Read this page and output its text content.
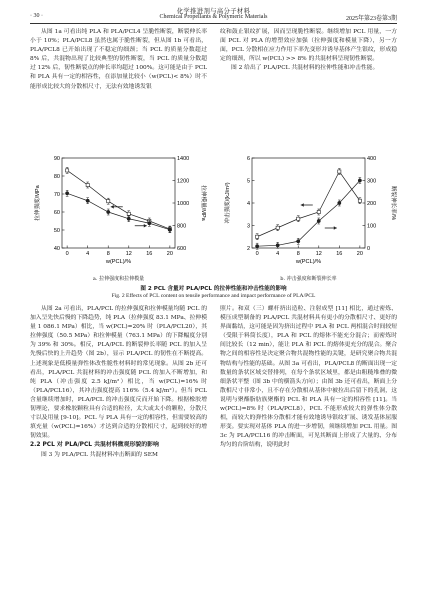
化学推进剂与高分子材料
· 30 ·	Chemical Propellants & Polymeric Materials	2025年第23卷第3期

从图 1a 可看出纯 PLA 和 PLA/PCL4 呈脆性断裂，断裂伸长率小于 10%；PLA/PCL8 虽然也属于脆性断裂，但从图 1b 可看出，PLA/PCL8 已开始出现了不稳定的细颈；当 PCL 的质量分数超过 8% 后，共混物出现了比较典型的韧性断裂，当 PCL 的质量分数超过 12% 后，韧性断裂点的伸长率均超过 100%。这可能是由于 PCL 和 PLA 具有一定的相容性，在添加量比较小（w(PCL)< 8%）时不能形成比较大的分散相尺寸，无法有效地诱发银

纹和鼓止银纹扩展，因而呈现脆性断裂。继续增加 PCL 用量，一方面 PCL 对 PLA 的增塑效应加强（拉伸强度和模量下降），另一方面，PCL 分散相在应力作用下率先变形并诱导基体产生银纹，形成稳定的细颈，所以 w(PCL) >> 8% 的共混材料呈现韧性断裂。

图 2 给出了 PLA/PCL 共混材料的拉伸性能和冲击性能。

0	4	8	12	16	20
40
50
60
70
80
90
600
800
1000
1200
1400
w(PCL)/%
拉伸强度/MPa	拉伸模量/MPa
0	4	8	12	16	20
2
3
4
5
6
0
100
200
300
400
w(PCL)/%
冲击强度/(kJ/m²)	断裂伸长率/%
a. 拉伸强度和拉伸模量	b. 冲击强度和断裂伸长率
图 2 PCL 含量对 PLA/PCL 的拉伸性能和冲击性能的影响
Fig. 2 Effects of PCL content on tensile performance and impact performance of PLA/PCL

从图 2a 可看出，PLA/PCL 的拉伸强度和拉伸模量均随 PCL 的加入呈先快后慢的下降趋势，纯 PLA（拉伸强度 83.1 MPa、拉伸模量 1 086.1 MPa）相比，当 w(PCL)=20% 时（PLA/PCL20），其拉伸强度（50.5 MPa）和拉伸模量（763.1 MPa）的下降幅度分别为 39% 和 30%。相反，PLA/PCL 的断裂伸长率随 PCL 的加入呈先慢后快的上升趋势（图 2b），显示 PLA/PCL 的韧性在不断提高。上述现象是低模量弹性体改性脆性材料时的常见现象。从图 2b 还可看出，PLA/PCL 共混材料的冲击强度随 PCL 的加入不断增加，和纯 PLA（冲击强度 2.5 kJ/m²）相比，当 w(PCL)=16% 时（PLA/PCL16），其冲击强度提高 116%（5.4 kJ/m²）。但当 PCL 含量继续增加时，PLA/PCL 的冲击强度反而开始下降。根据橡胶增韧理论，要求橡胶颗粒具有合适的粒径，太大或太小的颗粒，分散尺寸以及用量 [9-10]。PCL 与 PLA 具有一定的相容性，但需要较高的填充量（w(PCL)=16%）才达到合适的分散相尺寸，起到较好的增韧效果。

2.2 PCL 对 PLA/PCL 共混材料微观形貌的影响

图 3 为 PLA/PCL 共混材料冲击断面的 SEM

照片。和双（三）螺杆挤出造粒、注射成型 [11] 相比，通过密炼、模压成型制备的 PLA/PCL 共混材料具有更小的分散相尺寸、更好的界面黏结，这可能是因为挤出过程中 PLA 和 PCL 两相混合时间较短（受限于料筒长度），PLA 和 PCL 的熔体不能充分混合；而密炼时间比较长（12 min），能让 PLA 和 PCL 的熔体更充分的混合。聚合物之间的相容性是决定聚合物共混物性能的关键，是研究聚合物共混物结构与性能的基础。从图 3a 可看出，PLA/PCL8 的断面出现一定数量的条状区域交替排列，在每个条状区域里，都是由粗糙堆叠的微细条状平整（图 3b 中的横箭头方向）；由图 3b 还可看出，断面上分散相尺寸非常小，且不存在分散相从基体中被拉出后留下的孔洞，这说明与聚酯脂肪族聚酯的 PCL 和 PLA 具有一定的相容性 [11]。当 w(PCL)=8% 时（PLA/PCL8），PCL 不能形成较大的弹性体分散相，而较大的弹性体分散相才能有效地诱导银纹扩展、诱发基体屈服形变。要实现对基体 PLA 的进一步增韧，须继续增加 PCL 用量。图 3c 为 PLA/PCL16 的冲击断面，可见其断面上形成了大量的、分布均匀的台阶结构，说明此时
